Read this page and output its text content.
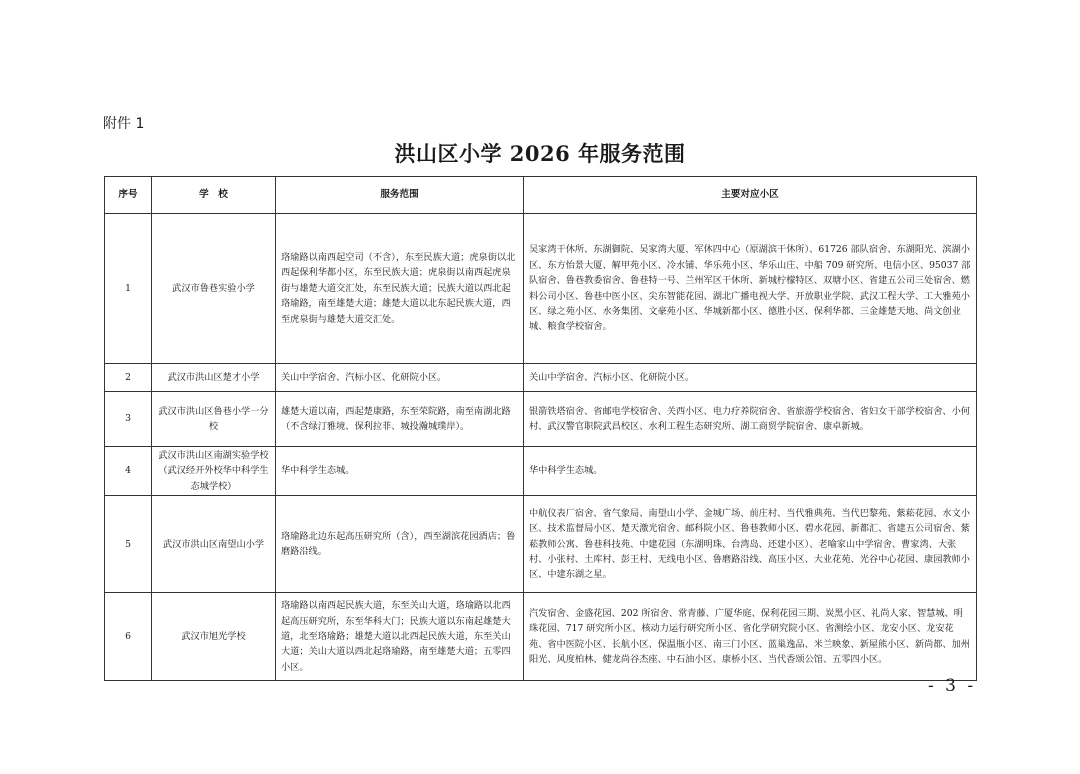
附件 1
洪山区小学 2026 年服务范围
序号	学　校	服务范围	主要对应小区
1	武汉市鲁巷实验小学	珞瑜路以南西起空司（不含），东至民族大道；虎泉街以北西起保利华都小区，东至民族大道；虎泉街以南西起虎泉街与雄楚大道交汇处，东至民族大道；民族大道以西北起珞瑜路，南至雄楚大道；雄楚大道以北东起民族大道，西至虎泉街与雄楚大道交汇处。	吴家湾干休所、东湖御院、吴家湾大厦、军休四中心（原湖滨干休所）、61726 部队宿舍、东湖阳光、滨湖小区、东方怡景大厦、解甲苑小区、冷水铺、华乐苑小区、华乐山庄、中船 709 研究所、电信小区、95037 部队宿舍、鲁巷教委宿舍、鲁巷特一号、兰州军区干休所、新城柠檬特区、双塘小区、省建五公司三处宿舍、燃料公司小区、鲁巷中医小区、尖东智能花园、湖北广播电视大学、开放职业学院、武汉工程大学、工大雅苑小区、绿之苑小区、水务集团、文豪苑小区、华城新都小区、德胜小区、保利华都、三金雄楚天地、尚文创业城、粮食学校宿舍。
2	武汉市洪山区楚才小学	关山中学宿舍、汽标小区、化研院小区。	关山中学宿舍、汽标小区、化研院小区。
3	武汉市洪山区鲁巷小学一分校	雄楚大道以南，西起楚康路，东至荣院路，南至南湖北路（不含绿汀雅境、保利拉菲、城投瀚城璞岸）。	银箭铁塔宿舍、省邮电学校宿舍、关西小区、电力疗养院宿舍、省旅游学校宿舍、省妇女干部学校宿舍、小何村、武汉警官职院武昌校区、水利工程生态研究所、湖工商贸学院宿舍、康卓新城。
4	武汉市洪山区南湖实验学校（武汉经开外校华中科学生态城学校）	华中科学生态城。	华中科学生态城。
5	武汉市洪山区南望山小学	珞瑜路北边东起高压研究所（含），西至湖滨花园酒店；鲁磨路沿线。	中航仪表厂宿舍、省气象局、南望山小学、金城广场、前庄村、当代雅典苑、当代巴黎苑、紫菘花园、水文小区、技术监督局小区、楚天激光宿舍、邮科院小区、鲁巷教师小区、碧水花园、新都汇、省建五公司宿舍、紫菘教师公寓、鲁巷科技苑、中建花园（东湖明珠、台湾岛、还建小区）、老喻家山中学宿舍、曹家湾、大张村、小张村、土库村、彭王村、无线电小区、鲁磨路沿线、高压小区、大业花苑、光谷中心花园、康园教师小区、中建东湖之星。
6	武汉市旭光学校	珞瑜路以南西起民族大道，东至关山大道，珞瑜路以北西起高压研究所，东至华科大门；民族大道以东南起雄楚大道，北至珞瑜路；雄楚大道以北西起民族大道，东至关山大道；关山大道以西北起珞瑜路，南至雄楚大道；五零四小区。	汽发宿舍、金盛花园、202 所宿舍、常青藤、广厦华庭、保利花园三期、炭黑小区、礼尚人家、智慧城、明珠花园、717 研究所小区、核动力运行研究所小区、省化学研究院小区、省测绘小区、龙安小区、龙安花苑、省中医院小区、长航小区、保温瓶小区、南三门小区、蓝巢逸品、米兰映象、新屋熊小区、新尚都、加州阳光、风度柏林、健龙尚谷杰座、中石油小区、康桥小区、当代香颂公馆、五零四小区。
- 3 -
